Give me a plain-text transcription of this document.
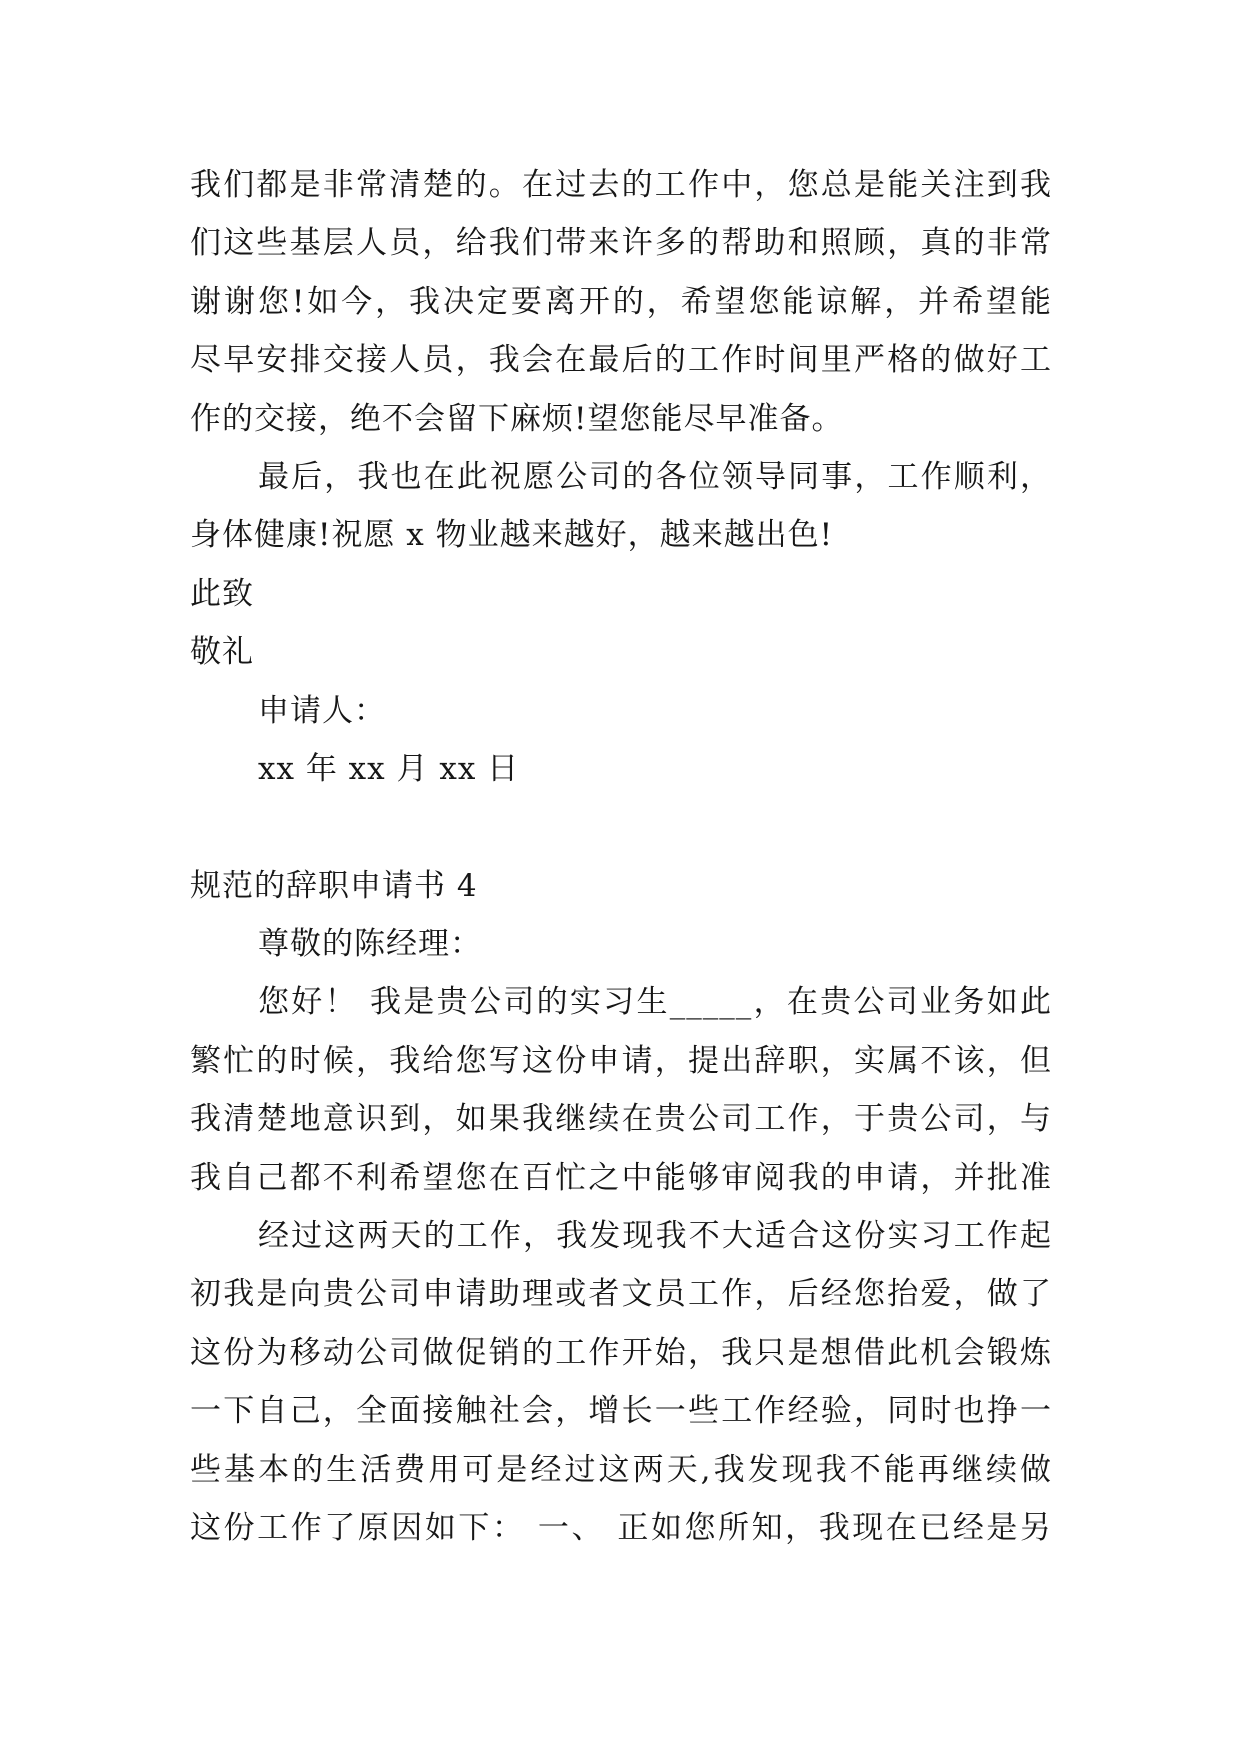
我们都是非常清楚的。在过去的工作中，您总是能关注到我
们这些基层人员，给我们带来许多的帮助和照顾，真的非常
谢谢您!如今，我决定要离开的，希望您能谅解，并希望能
尽早安排交接人员，我会在最后的工作时间里严格的做好工
作的交接，绝不会留下麻烦!望您能尽早准备。
最后，我也在此祝愿公司的各位领导同事，工作顺利，
身体健康!祝愿 x 物业越来越好，越来越出色!
此致
敬礼
申请人：
xx 年 xx 月 xx 日
规范的辞职申请书 4
尊敬的陈经理：
您好！ 我是贵公司的实习生_____，在贵公司业务如此
繁忙的时候，我给您写这份申请，提出辞职，实属不该，但
我清楚地意识到，如果我继续在贵公司工作，于贵公司，与
我自己都不利希望您在百忙之中能够审阅我的申请，并批准
经过这两天的工作，我发现我不大适合这份实习工作起
初我是向贵公司申请助理或者文员工作，后经您抬爱，做了
这份为移动公司做促销的工作开始，我只是想借此机会锻炼
一下自己，全面接触社会，增长一些工作经验，同时也挣一
些基本的生活费用可是经过这两天,我发现我不能再继续做
这份工作了原因如下： 一、 正如您所知，我现在已经是另
